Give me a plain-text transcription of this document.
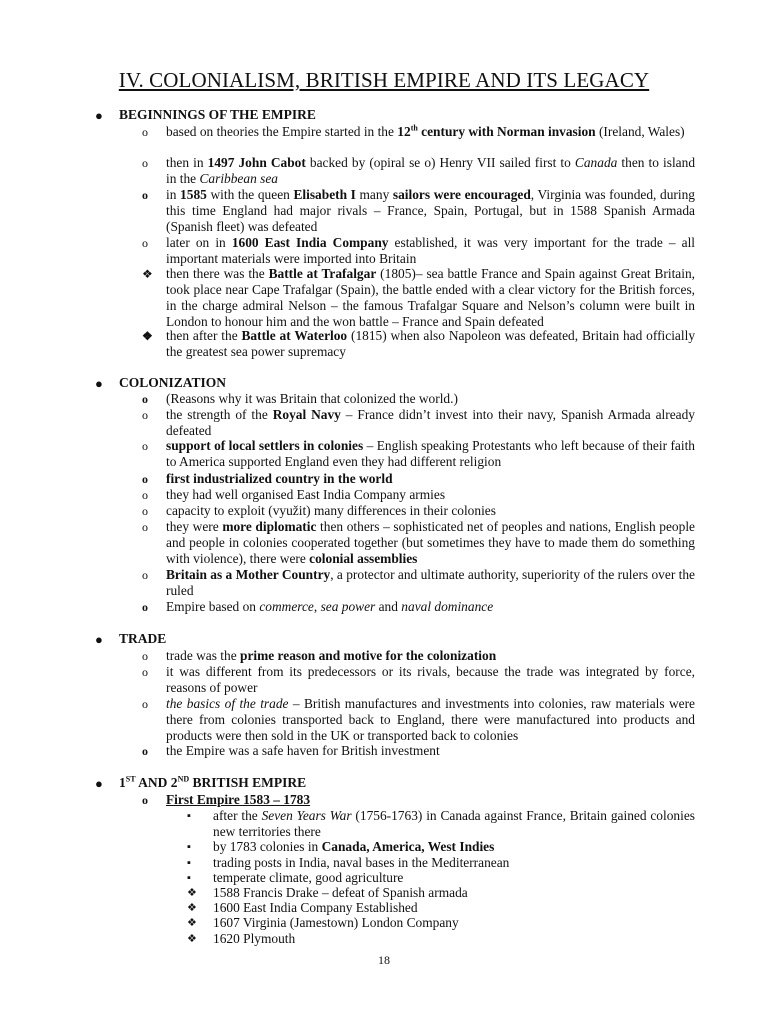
IV. COLONIALISM, BRITISH EMPIRE AND ITS LEGACY
● BEGINNINGS OF THE EMPIRE
o based on theories the Empire started in the 12th century with Norman invasion (Ireland, Wales)
o then in 1497 John Cabot backed by (opiral se o) Henry VII sailed first to Canada then to island in the Caribbean sea
o in 1585 with the queen Elisabeth I many sailors were encouraged, Virginia was founded, during this time England had major rivals – France, Spain, Portugal, but in 1588 Spanish Armada (Spanish fleet) was defeated
o later on in 1600 East India Company established, it was very important for the trade – all important materials were imported into Britain
❖ then there was the Battle at Trafalgar (1805)– sea battle France and Spain against Great Britain, took place near Cape Trafalgar (Spain), the battle ended with a clear victory for the British forces, in the charge admiral Nelson – the famous Trafalgar Square and Nelson’s column were built in London to honour him and the won battle – France and Spain defeated
❖ then after the Battle at Waterloo (1815) when also Napoleon was defeated, Britain had officially the greatest sea power supremacy
● COLONIZATION
o (Reasons why it was Britain that colonized the world.)
o the strength of the Royal Navy – France didn’t invest into their navy, Spanish Armada already defeated
o support of local settlers in colonies – English speaking Protestants who left because of their faith to America supported England even they had different religion
o first industrialized country in the world
o they had well organised East India Company armies
o capacity to exploit (využit) many differences in their colonies
o they were more diplomatic then others – sophisticated net of peoples and nations, English people and people in colonies cooperated together (but sometimes they have to made them do something with violence), there were colonial assemblies
o Britain as a Mother Country, a protector and ultimate authority, superiority of the rulers over the ruled
o Empire based on commerce, sea power and naval dominance
● TRADE
o trade was the prime reason and motive for the colonization
o it was different from its predecessors or its rivals, because the trade was integrated by force, reasons of power
o the basics of the trade – British manufactures and investments into colonies, raw materials were there from colonies transported back to England, there were manufactured into products and products were then sold in the UK or transported back to colonies
o the Empire was a safe haven for British investment
● 1ST AND 2ND BRITISH EMPIRE
o First Empire 1583 – 1783
▪ after the Seven Years War (1756-1763) in Canada against France, Britain gained colonies new territories there
▪ by 1783 colonies in Canada, America, West Indies
▪ trading posts in India, naval bases in the Mediterranean
▪ temperate climate, good agriculture
❖ 1588 Francis Drake – defeat of Spanish armada
❖ 1600 East India Company Established
❖ 1607 Virginia (Jamestown) London Company
❖ 1620 Plymouth
18
